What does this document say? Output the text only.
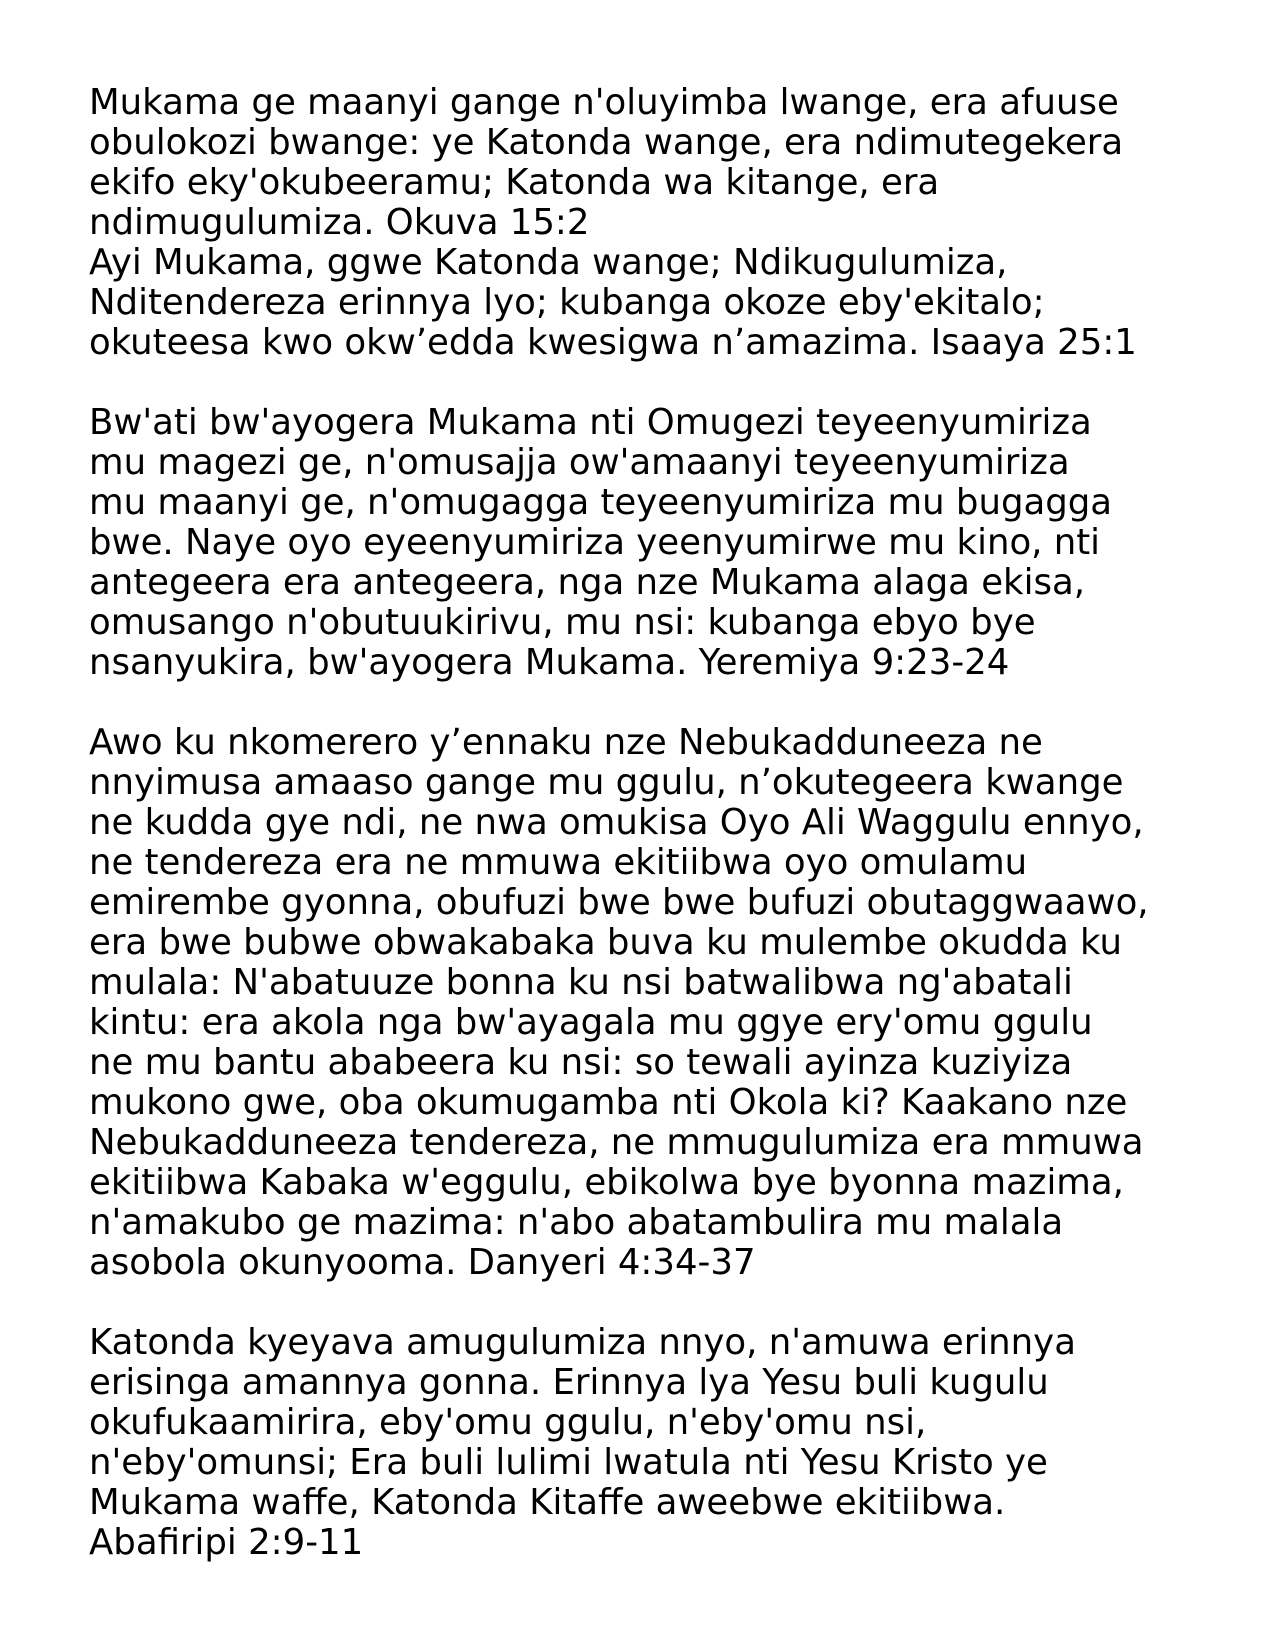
Mukama ge maanyi gange n'oluyimba lwange, era afuuse
obulokozi bwange: ye Katonda wange, era ndimutegekera
ekifo eky'okubeeramu; Katonda wa kitange, era
ndimugulumiza. Okuva 15:2
Ayi Mukama, ggwe Katonda wange; Ndikugulumiza,
Nditendereza erinnya lyo; kubanga okoze eby'ekitalo;
okuteesa kwo okw’edda kwesigwa n’amazima. Isaaya 25:1
Bw'ati bw'ayogera Mukama nti Omugezi teyeenyumiriza
mu magezi ge, n'omusajja ow'amaanyi teyeenyumiriza
mu maanyi ge, n'omugagga teyeenyumiriza mu bugagga
bwe. Naye oyo eyeenyumiriza yeenyumirwe mu kino, nti
antegeera era antegeera, nga nze Mukama alaga ekisa,
omusango n'obutuukirivu, mu nsi: kubanga ebyo bye
nsanyukira, bw'ayogera Mukama. Yeremiya 9:23-24
Awo ku nkomerero y’ennaku nze Nebukadduneeza ne
nnyimusa amaaso gange mu ggulu, n’okutegeera kwange
ne kudda gye ndi, ne nwa omukisa Oyo Ali Waggulu ennyo,
ne tendereza era ne mmuwa ekitiibwa oyo omulamu
emirembe gyonna, obufuzi bwe bwe bufuzi obutaggwaawo,
era bwe bubwe obwakabaka buva ku mulembe okudda ku
mulala: N'abatuuze bonna ku nsi batwalibwa ng'abatali
kintu: era akola nga bw'ayagala mu ggye ery'omu ggulu
ne mu bantu ababeera ku nsi: so tewali ayinza kuziyiza
mukono gwe, oba okumugamba nti Okola ki? Kaakano nze
Nebukadduneeza tendereza, ne mmugulumiza era mmuwa
ekitiibwa Kabaka w'eggulu, ebikolwa bye byonna mazima,
n'amakubo ge mazima: n'abo abatambulira mu malala
asobola okunyooma. Danyeri 4:34-37
Katonda kyeyava amugulumiza nnyo, n'amuwa erinnya
erisinga amannya gonna. Erinnya lya Yesu buli kugulu
okufukaamirira, eby'omu ggulu, n'eby'omu nsi,
n'eby'omunsi; Era buli lulimi lwatula nti Yesu Kristo ye
Mukama waffe, Katonda Kitaffe aweebwe ekitiibwa.
Abafiripi 2:9-11
